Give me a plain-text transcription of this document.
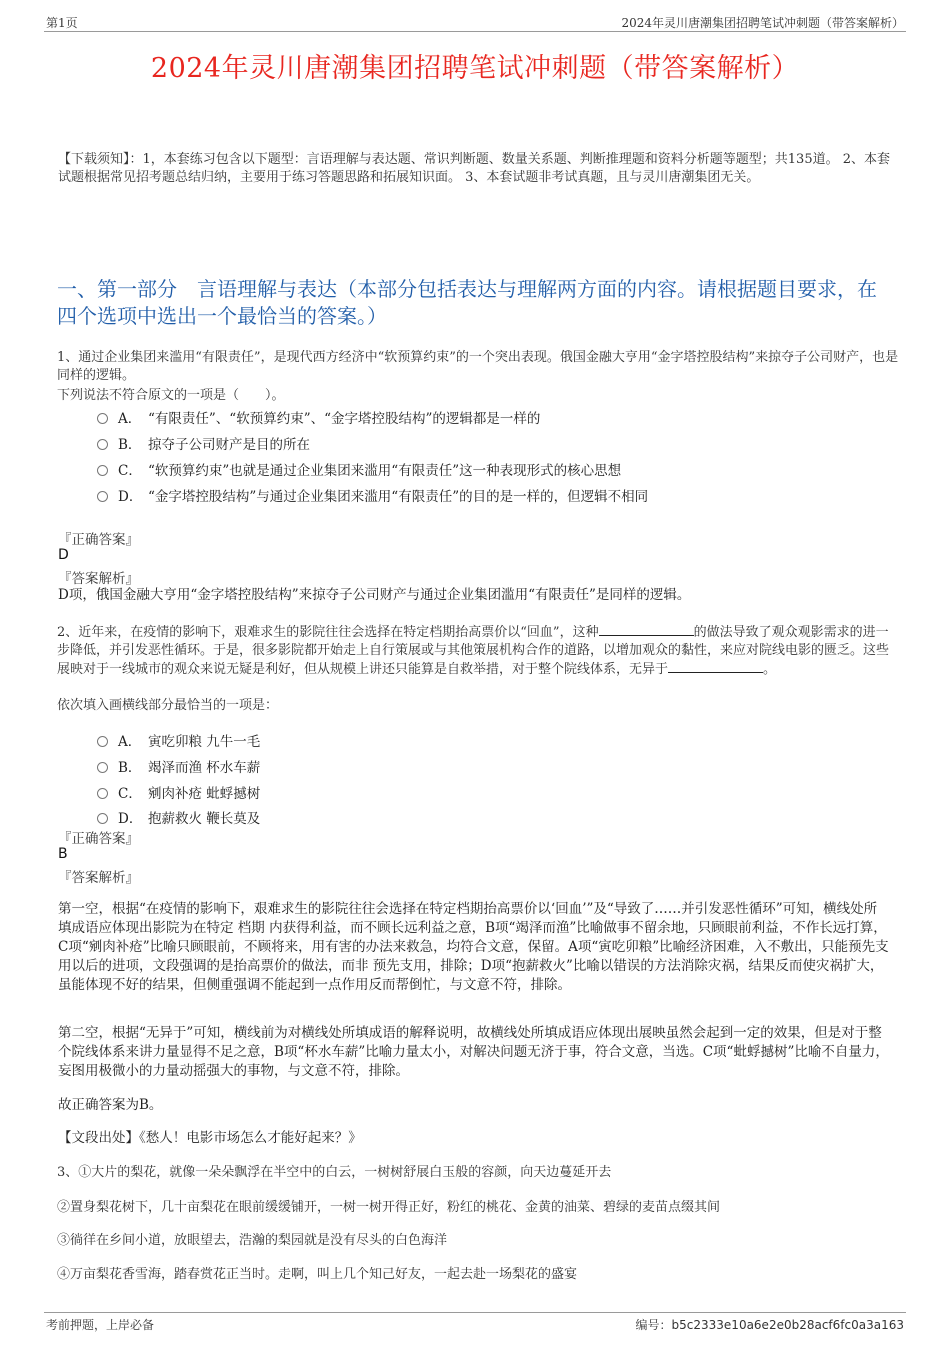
第1页	2024年灵川唐潮集团招聘笔试冲刺题（带答案解析）
2024年灵川唐潮集团招聘笔试冲刺题（带答案解析）
【下载须知】：1，本套练习包含以下题型：言语理解与表达题、常识判断题、数量关系题、判断推理题和资料分析题等题型；共135道。 2、本套试题根据常见招考题总结归纳，主要用于练习答题思路和拓展知识面。 3、本套试题非考试真题，且与灵川唐潮集团无关。
一、第一部分　言语理解与表达（本部分包括表达与理解两方面的内容。请根据题目要求，在四个选项中选出一个最恰当的答案。）
1、通过企业集团来滥用“有限责任”，是现代西方经济中“软预算约束”的一个突出表现。俄国金融大亨用“金字塔控股结构”来掠夺子公司财产，也是同样的逻辑。
下列说法不符合原文的一项是（　　）。
A． “有限责任”、“软预算约束”、“金字塔控股结构”的逻辑都是一样的
B． 掠夺子公司财产是目的所在
C． “软预算约束”也就是通过企业集团来滥用“有限责任”这一种表现形式的核心思想
D． “金字塔控股结构”与通过企业集团来滥用“有限责任”的目的是一样的，但逻辑不相同
『正确答案』
D
『答案解析』
D项，俄国金融大亨用“金字塔控股结构”来掠夺子公司财产与通过企业集团滥用“有限责任”是同样的逻辑。
2、近年来，在疫情的影响下，艰难求生的影院往往会选择在特定档期抬高票价以“回血”，这种	的做法导致了观众观影需求的进一步降低，并引发恶性循环。于是，很多影院都开始走上自行策展或与其他策展机构合作的道路，以增加观众的黏性，来应对院线电影的匮乏。这些展映对于一线城市的观众来说无疑是利好，但从规模上讲还只能算是自救举措，对于整个院线体系，无异于	。
依次填入画横线部分最恰当的一项是：
A． 寅吃卯粮 九牛一毛
B． 竭泽而渔 杯水车薪
C． 剜肉补疮 蚍蜉撼树
D． 抱薪救火 鞭长莫及
『正确答案』
B
『答案解析』
第一空，根据“在疫情的影响下，艰难求生的影院往往会选择在特定档期抬高票价以‘回血’”及“导致了……并引发恶性循环”可知，横线处所填成语应体现出影院为在特定 档期 内获得利益，而不顾长远利益之意，B项“竭泽而渔”比喻做事不留余地，只顾眼前利益，不作长远打算，C项“剜肉补疮”比喻只顾眼前，不顾将来，用有害的办法来救急，均符合文意，保留。A项“寅吃卯粮”比喻经济困难，入不敷出，只能预先支用以后的进项，文段强调的是抬高票价的做法，而非 预先支用，排除；D项“抱薪救火”比喻以错误的方法消除灾祸，结果反而使灾祸扩大，虽能体现不好的结果，但侧重强调不能起到一点作用反而帮倒忙，与文意不符，排除。
第二空，根据“无异于”可知，横线前为对横线处所填成语的解释说明，故横线处所填成语应体现出展映虽然会起到一定的效果，但是对于整个院线体系来讲力量显得不足之意，B项“杯水车薪”比喻力量太小，对解决问题无济于事，符合文意，当选。C项“蚍蜉撼树”比喻不自量力，妄图用极微小的力量动摇强大的事物，与文意不符，排除。
故正确答案为B。
【文段出处】《愁人！电影市场怎么才能好起来？》
3、①大片的梨花，就像一朵朵飘浮在半空中的白云，一树树舒展白玉般的容颜，向天边蔓延开去
②置身梨花树下，几十亩梨花在眼前缓缓铺开，一树一树开得正好，粉红的桃花、金黄的油菜、碧绿的麦苗点缀其间
③徜徉在乡间小道，放眼望去，浩瀚的梨园就是没有尽头的白色海洋
④万亩梨花香雪海，踏春赏花正当时。走啊，叫上几个知己好友，一起去赴一场梨花的盛宴
考前押题，上岸必备	编号：b5c2333e10a6e2e0b28acf6fc0a3a163
